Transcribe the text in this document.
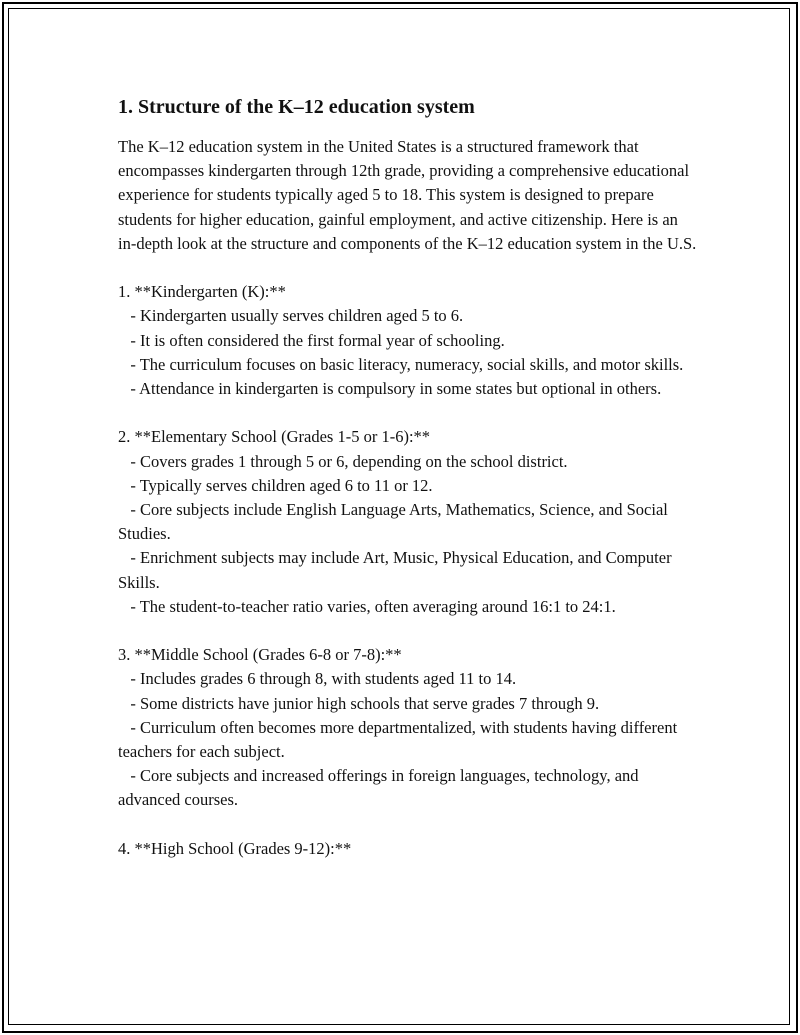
1. Structure of the K–12 education system

The K–12 education system in the United States is a structured framework that encompasses kindergarten through 12th grade, providing a comprehensive educational experience for students typically aged 5 to 18. This system is designed to prepare students for higher education, gainful employment, and active citizenship. Here is an in-depth look at the structure and components of the K–12 education system in the U.S.

1. **Kindergarten (K):**

- Kindergarten usually serves children aged 5 to 6.

- It is often considered the first formal year of schooling.

- The curriculum focuses on basic literacy, numeracy, social skills, and motor skills.

- Attendance in kindergarten is compulsory in some states but optional in others.

2. **Elementary School (Grades 1-5 or 1-6):**

- Covers grades 1 through 5 or 6, depending on the school district.

- Typically serves children aged 6 to 11 or 12.

- Core subjects include English Language Arts, Mathematics, Science, and Social Studies.

- Enrichment subjects may include Art, Music, Physical Education, and Computer Skills.

- The student-to-teacher ratio varies, often averaging around 16:1 to 24:1.

3. **Middle School (Grades 6-8 or 7-8):**

- Includes grades 6 through 8, with students aged 11 to 14.

- Some districts have junior high schools that serve grades 7 through 9.

- Curriculum often becomes more departmentalized, with students having different teachers for each subject.

- Core subjects and increased offerings in foreign languages, technology, and advanced courses.

4. **High School (Grades 9-12):**
